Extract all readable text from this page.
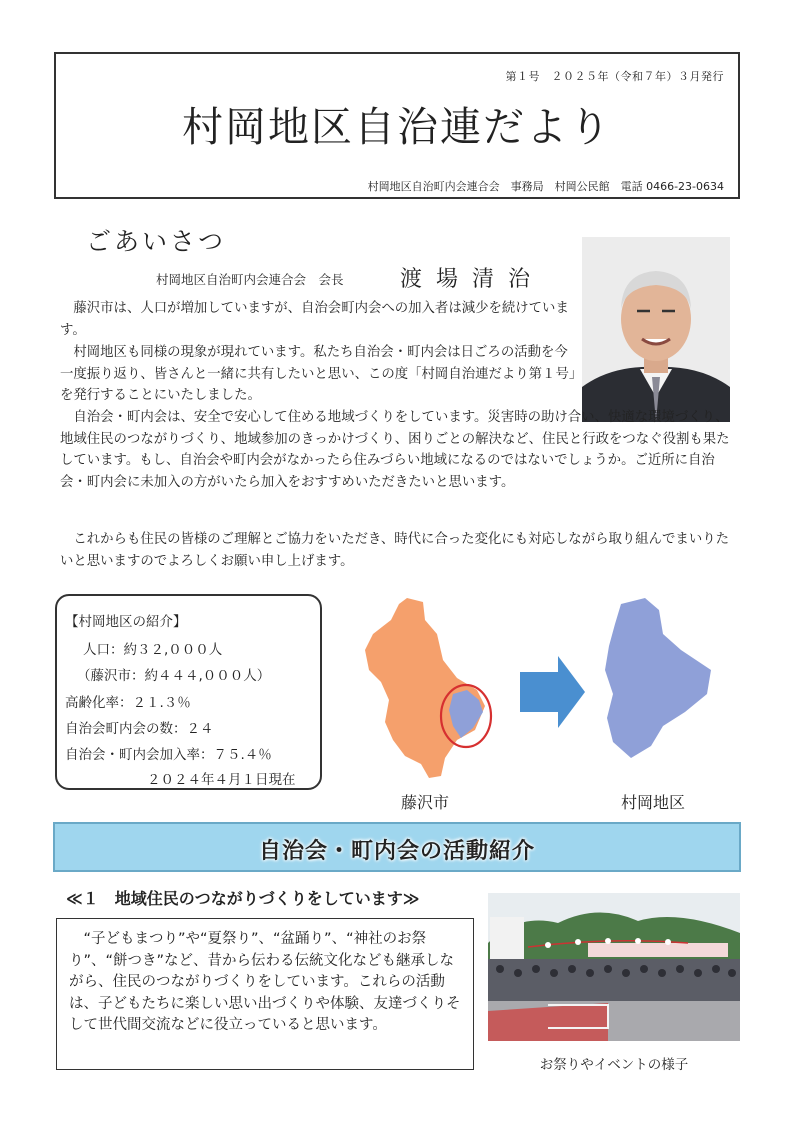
第１号　２０２５年（令和７年）３月発行
村岡地区自治連だより
村岡地区自治町内会連合会　事務局　村岡公民館　電話 0466-23-0634
ごあいさつ
村岡地区自治町内会連合会　会長	渡場清治

藤沢市は、人口が増加していますが、自治会町内会への加入者は減少を続けています。

村岡地区も同様の現象が現れています。私たち自治会・町内会は日ごろの活動を今一度振り返り、皆さんと一緒に共有したいと思い、この度「村岡自治連だより第１号」を発行することにいたしました。

自治会・町内会は、安全で安心して住める地域づくりをしています。災害時の助け合い、快適な環境づくり、地域住民のつながりづくり、地域参加のきっかけづくり、困りごとの解決など、住民と行政をつなぐ役割も果たしています。もし、自治会や町内会がなかったら住みづらい地域になるのではないでしょうか。ご近所に自治会・町内会に未加入の方がいたら加入をおすすめいただきたいと思います。

これからも住民の皆様のご理解とご協力をいただき、時代に合った変化にも対応しながら取り組んでまいりたいと思いますのでよろしくお願い申し上げます。

【村岡地区の紹介】
人口：約３２,０００人
（藤沢市：約４４４,０００人）
高齢化率：２１.３％
自治会町内会の数：２４
自治会・町内会加入率：７５.４％
２０２４年４月１日現在
藤沢市	村岡地区
自治会・町内会の活動紹介
≪１　地域住民のつながりづくりをしています≫

“子どもまつり”や“夏祭り”、“盆踊り”、“神社のお祭り”、“餅つき”など、昔から伝わる伝統文化なども継承しながら、住民のつながりづくりをしています。これらの活動は、子どもたちに楽しい思い出づくりや体験、友達づくりそして世代間交流などに役立っていると思います。

お祭りやイベントの様子
